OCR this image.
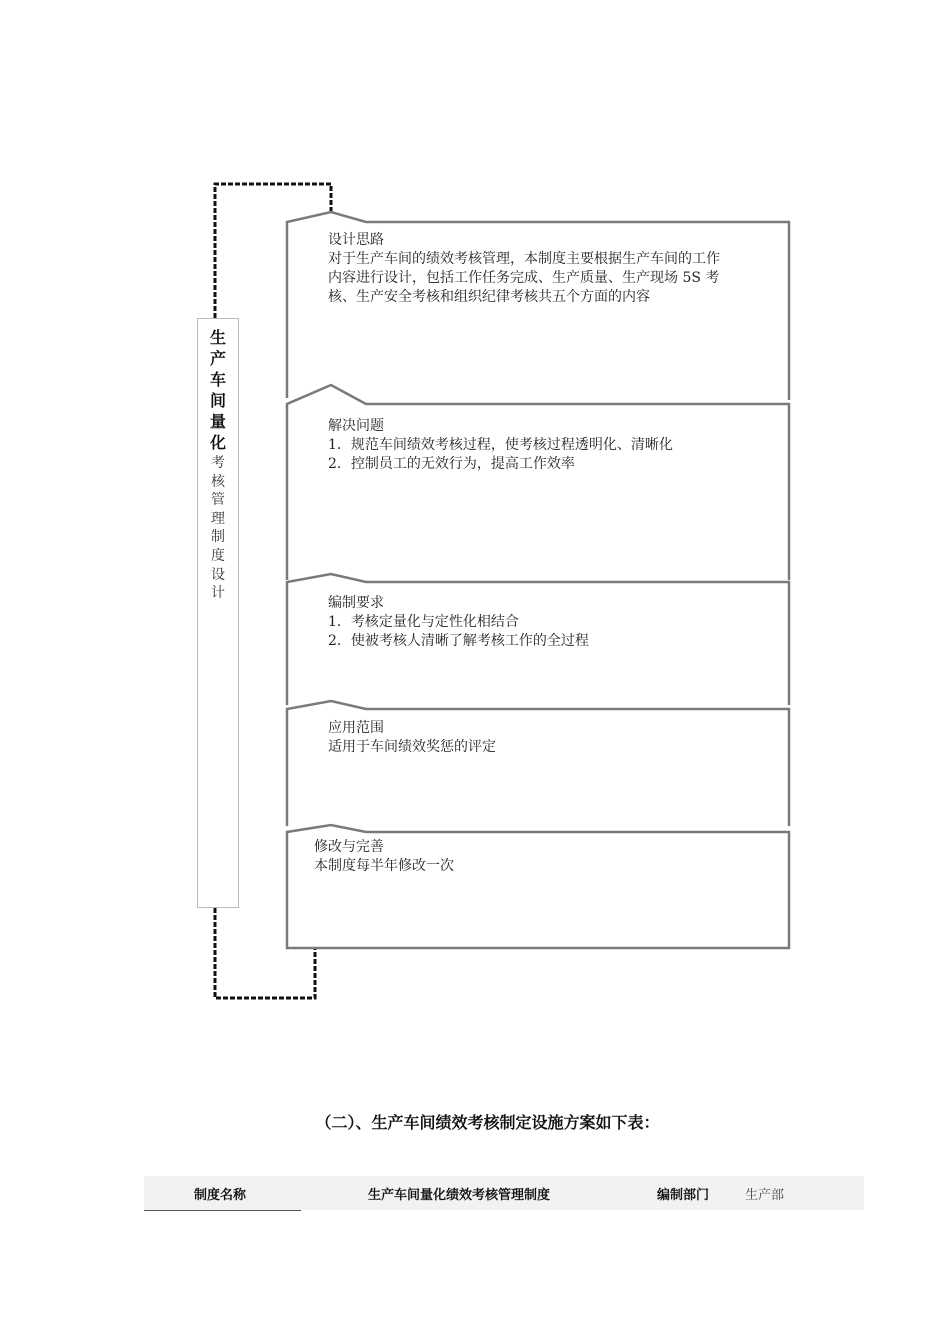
生
产
车
间
量
化
考
核
管
理
制
度
设
计
设计思路
对于生产车间的绩效考核管理，本制度主要根据生产车间的工作
内容进行设计，包括工作任务完成、生产质量、生产现场 5S 考
核、生产安全考核和组织纪律考核共五个方面的内容
解决问题
1．规范车间绩效考核过程，使考核过程透明化、清晰化
2．控制员工的无效行为，提高工作效率
编制要求
1．考核定量化与定性化相结合
2．使被考核人清晰了解考核工作的全过程
应用范围
适用于车间绩效奖惩的评定
修改与完善
本制度每半年修改一次
（二）、生产车间绩效考核制定设施方案如下表：
制度名称	生产车间量化绩效考核管理制度	编制部门	生产部
